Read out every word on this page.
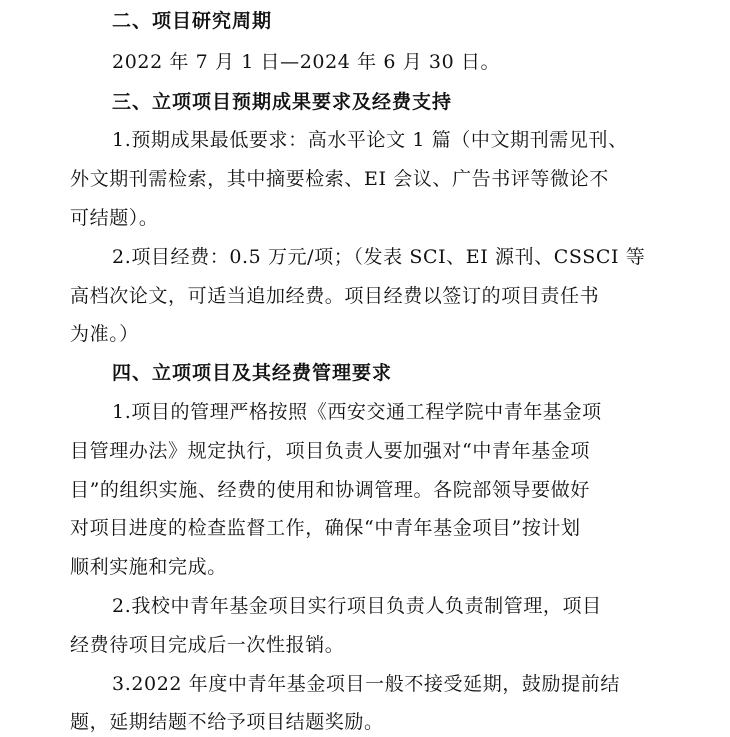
二、项目研究周期
2022 年 7 月 1 日—2024 年 6 月 30 日。
三、立项项目预期成果要求及经费支持
1.预期成果最低要求：高水平论文 1 篇（中文期刊需见刊、
外文期刊需检索，其中摘要检索、EI 会议、广告书评等微论不
可结题）。
2.项目经费：0.5 万元/项；（发表 SCI、EI 源刊、CSSCI 等
高档次论文，可适当追加经费。项目经费以签订的项目责任书
为准。）
四、立项项目及其经费管理要求
1.项目的管理严格按照《西安交通工程学院中青年基金项
目管理办法》规定执行，项目负责人要加强对“中青年基金项
目”的组织实施、经费的使用和协调管理。各院部领导要做好
对项目进度的检查监督工作，确保“中青年基金项目”按计划
顺利实施和完成。
2.我校中青年基金项目实行项目负责人负责制管理，项目
经费待项目完成后一次性报销。
3.2022 年度中青年基金项目一般不接受延期，鼓励提前结
题，延期结题不给予项目结题奖励。
